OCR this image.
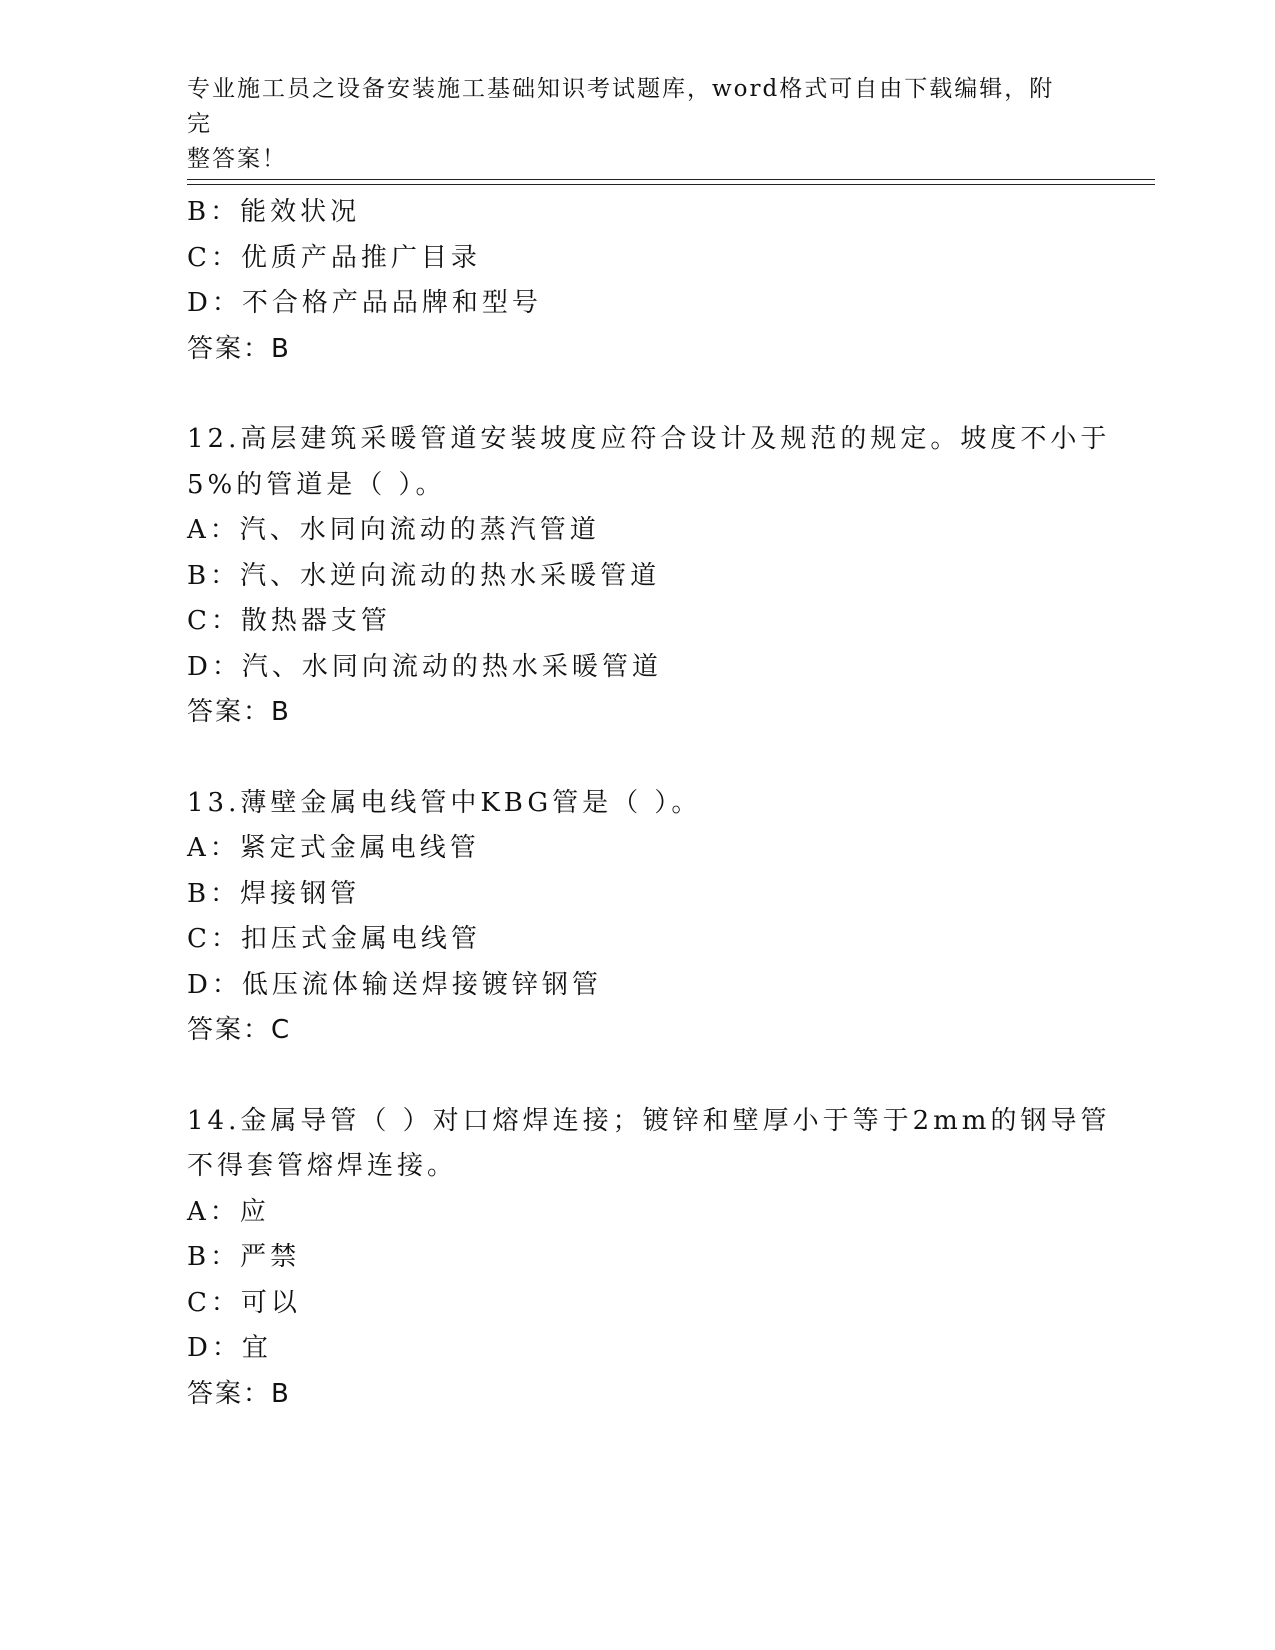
专业施工员之设备安装施工基础知识考试题库，word格式可自由下载编辑，附完
整答案！
B：能效状况
C：优质产品推广目录
D：不合格产品品牌和型号
答案：B
12.高层建筑采暖管道安装坡度应符合设计及规范的规定。坡度不小于
5%的管道是（ ）。
A：汽、水同向流动的蒸汽管道
B：汽、水逆向流动的热水采暖管道
C：散热器支管
D：汽、水同向流动的热水采暖管道
答案：B
13.薄壁金属电线管中KBG管是（ ）。
A：紧定式金属电线管
B：焊接钢管
C：扣压式金属电线管
D：低压流体输送焊接镀锌钢管
答案：C
14.金属导管（ ）对口熔焊连接；镀锌和壁厚小于等于2mm的钢导管
不得套管熔焊连接。
A：应
B：严禁
C：可以
D：宜
答案：B
